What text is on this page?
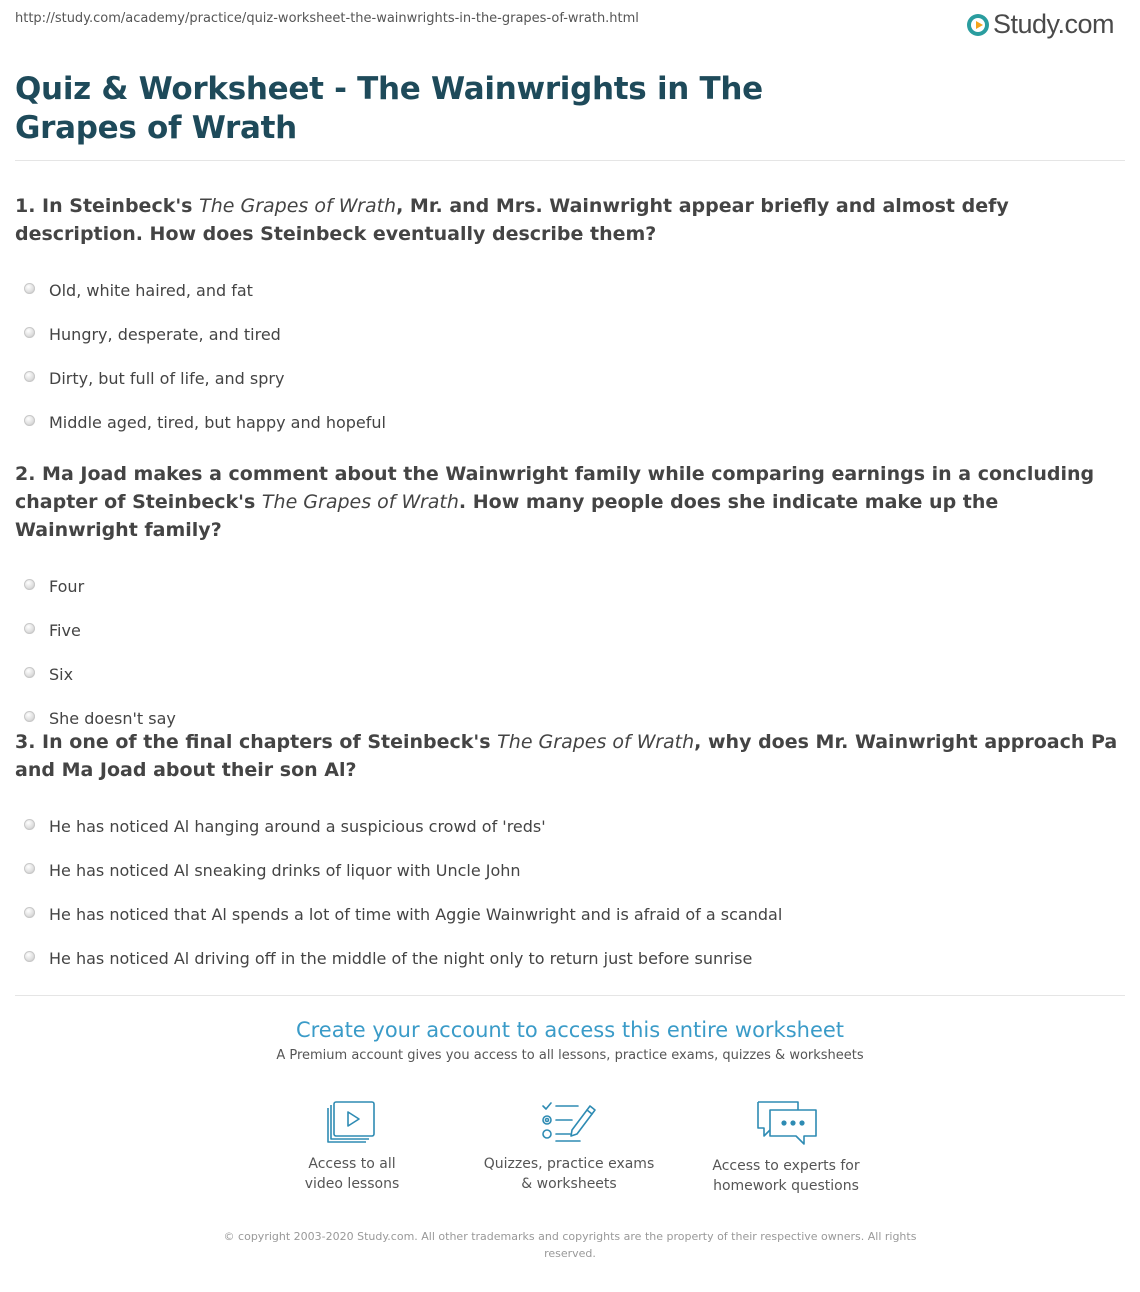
http://study.com/academy/practice/quiz-worksheet-the-wainwrights-in-the-grapes-of-wrath.html	Study.com
Quiz & Worksheet - The Wainwrights in The Grapes of Wrath
1. In Steinbeck's The Grapes of Wrath, Mr. and Mrs. Wainwright appear briefly and almost defy description. How does Steinbeck eventually describe them?
Old, white haired, and fat
Hungry, desperate, and tired
Dirty, but full of life, and spry
Middle aged, tired, but happy and hopeful
2. Ma Joad makes a comment about the Wainwright family while comparing earnings in a concluding chapter of Steinbeck's The Grapes of Wrath. How many people does she indicate make up the Wainwright family?
Four
Five
Six
She doesn't say
3. In one of the final chapters of Steinbeck's The Grapes of Wrath, why does Mr. Wainwright approach Pa and Ma Joad about their son Al?
He has noticed Al hanging around a suspicious crowd of 'reds'
He has noticed Al sneaking drinks of liquor with Uncle John
He has noticed that Al spends a lot of time with Aggie Wainwright and is afraid of a scandal
He has noticed Al driving off in the middle of the night only to return just before sunrise
Create your account to access this entire worksheet
A Premium account gives you access to all lessons, practice exams, quizzes & worksheets
Access to all
video lessons
Quizzes, practice exams
& worksheets
Access to experts for
homework questions
© copyright 2003-2020 Study.com. All other trademarks and copyrights are the property of their respective owners. All rights reserved.
